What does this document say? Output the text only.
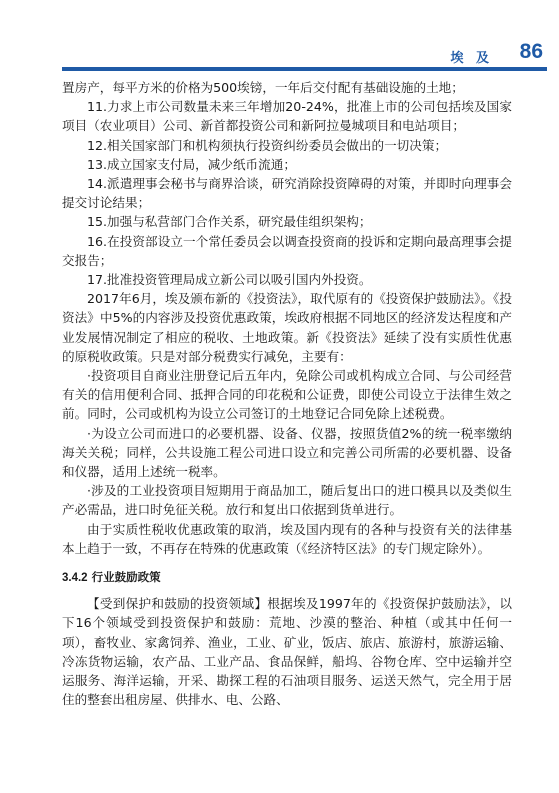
埃 及 86

置房产，每平方米的价格为500埃镑，一年后交付配有基础设施的土地；

11.力求上市公司数量未来三年增加20-24%，批准上市的公司包括埃及国家项目（农业项目）公司、新首都投资公司和新阿拉曼城项目和电站项目；

12.相关国家部门和机构须执行投资纠纷委员会做出的一切决策；

13.成立国家支付局，减少纸币流通；

14.派遣理事会秘书与商界洽谈，研究消除投资障碍的对策，并即时向理事会提交讨论结果；

15.加强与私营部门合作关系，研究最佳组织架构；

16.在投资部设立一个常任委员会以调查投资商的投诉和定期向最高理事会提交报告；

17.批准投资管理局成立新公司以吸引国内外投资。

2017年6月，埃及颁布新的《投资法》，取代原有的《投资保护鼓励法》。《投资法》中5%的内容涉及投资优惠政策，埃政府根据不同地区的经济发达程度和产业发展情况制定了相应的税收、土地政策。新《投资法》延续了没有实质性优惠的原税收政策。只是对部分税费实行减免，主要有：

·投资项目自商业注册登记后五年内，免除公司或机构成立合同、与公司经营有关的信用便利合同、抵押合同的印花税和公证费，即使公司设立于法律生效之前。同时，公司或机构为设立公司签订的土地登记合同免除上述税费。

·为设立公司而进口的必要机器、设备、仪器，按照货值2%的统一税率缴纳海关关税；同样，公共设施工程公司进口设立和完善公司所需的必要机器、设备和仪器，适用上述统一税率。

·涉及的工业投资项目短期用于商品加工，随后复出口的进口模具以及类似生产必需品，进口时免征关税。放行和复出口依据到货单进行。

由于实质性税收优惠政策的取消，埃及国内现有的各种与投资有关的法律基本上趋于一致，不再存在特殊的优惠政策（《经济特区法》的专门规定除外）。

3.4.2 行业鼓励政策

【受到保护和鼓励的投资领域】根据埃及1997年的《投资保护鼓励法》，以下16个领域受到投资保护和鼓励：荒地、沙漠的整治、种植（或其中任何一项），畜牧业、家禽饲养、渔业，工业、矿业，饭店、旅店、旅游村，旅游运输、冷冻货物运输，农产品、工业产品、食品保鲜，船坞、谷物仓库、空中运输并空运服务、海洋运输，开采、勘探工程的石油项目服务、运送天然气，完全用于居住的整套出租房屋、供排水、电、公路、
